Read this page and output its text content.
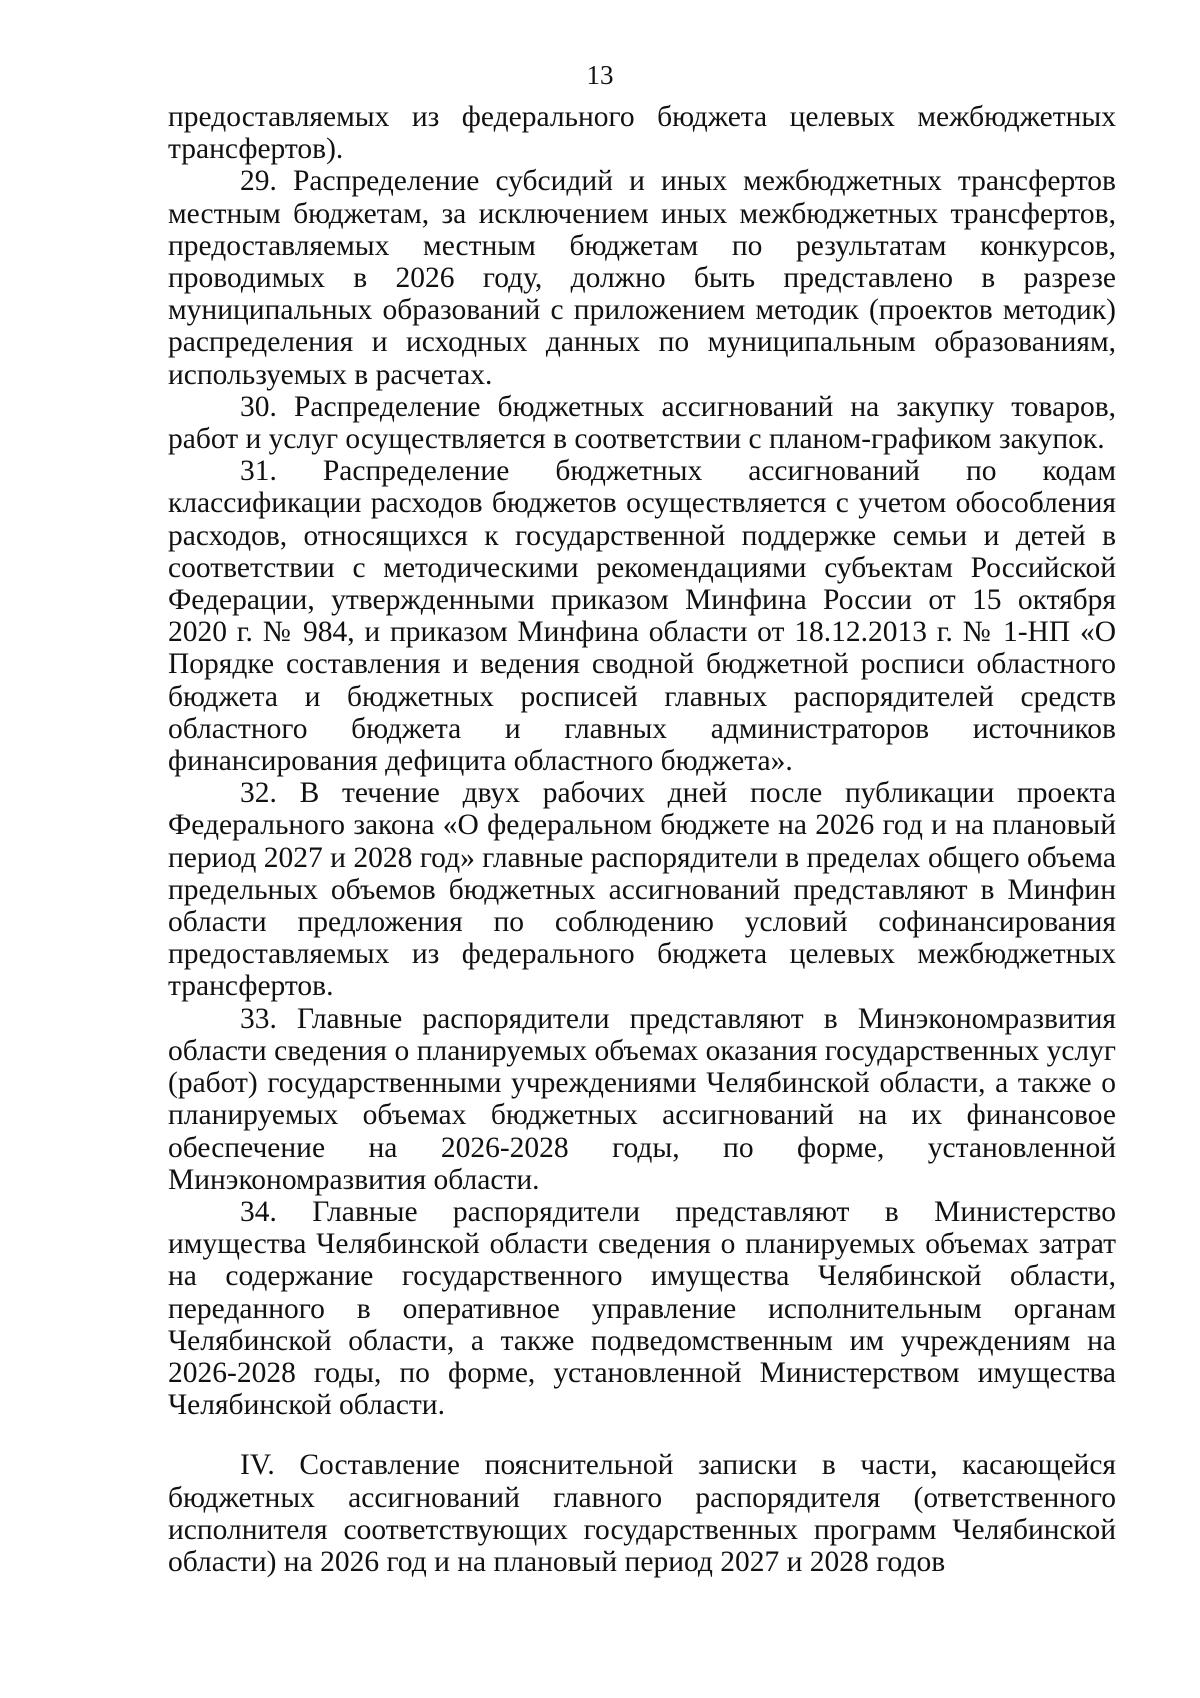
13

предоставляемых из федерального бюджета целевых межбюджетных трансфертов).

29. Распределение субсидий и иных межбюджетных трансфертов местным бюджетам, за исключением иных межбюджетных трансфертов, предоставляемых местным бюджетам по результатам конкурсов, проводимых в 2026 году, должно быть представлено в разрезе муниципальных образований с приложением методик (проектов методик) распределения и исходных данных по муниципальным образованиям, используемых в расчетах.

30. Распределение бюджетных ассигнований на закупку товаров, работ и услуг осуществляется в соответствии с планом-графиком закупок.

31. Распределение бюджетных ассигнований по кодам классификации расходов бюджетов осуществляется с учетом обособления расходов, относящихся к государственной поддержке семьи и детей в соответствии с методическими рекомендациями субъектам Российской Федерации, утвержденными приказом Минфина России от 15 октября 2020 г. № 984, и приказом Минфина области от 18.12.2013 г. № 1-НП «О Порядке составления и ведения сводной бюджетной росписи областного бюджета и бюджетных росписей главных распорядителей средств областного бюджета и главных администраторов источников финансирования дефицита областного бюджета».

32. В течение двух рабочих дней после публикации проекта Федерального закона «О федеральном бюджете на 2026 год и на плановый период 2027 и 2028 год» главные распорядители в пределах общего объема предельных объемов бюджетных ассигнований представляют в Минфин области предложения по соблюдению условий софинансирования предоставляемых из федерального бюджета целевых межбюджетных трансфертов.

33. Главные распорядители представляют в Минэкономразвития области сведения о планируемых объемах оказания государственных услуг (работ) государственными учреждениями Челябинской области, а также о планируемых объемах бюджетных ассигнований на их финансовое обеспечение на 2026-2028 годы, по форме, установленной Минэкономразвития области.

34. Главные распорядители представляют в Министерство имущества Челябинской области сведения о планируемых объемах затрат на содержание государственного имущества Челябинской области, переданного в оперативное управление исполнительным органам Челябинской области, а также подведомственным им учреждениям на 2026-2028 годы, по форме, установленной Министерством имущества Челябинской области.

IV. Составление пояснительной записки в части, касающейся бюджетных ассигнований главного распорядителя (ответственного исполнителя соответствующих государственных программ Челябинской области) на 2026 год и на плановый период 2027 и 2028 годов
